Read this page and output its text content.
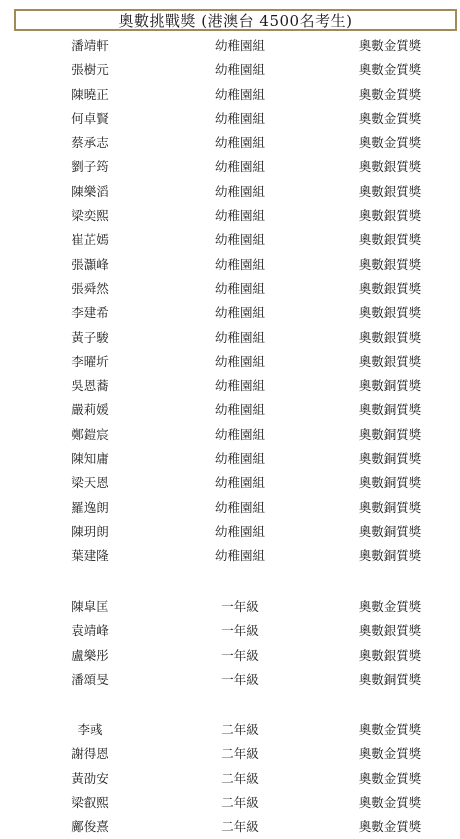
奧數挑戰獎 (港澳台 4500名考生)
潘靖軒	幼稚園組	奧數金質獎
張樹元	幼稚園組	奧數金質獎
陳曉正	幼稚園組	奧數金質獎
何卓賢	幼稚園組	奧數金質獎
蔡承志	幼稚園組	奧數金質獎
劉子筠	幼稚園組	奧數銀質獎
陳樂滔	幼稚園組	奧數銀質獎
梁奕熙	幼稚園組	奧數銀質獎
崔芷嫣	幼稚園組	奧數銀質獎
張灝峰	幼稚園組	奧數銀質獎
張舜然	幼稚園組	奧數銀質獎
李建希	幼稚園組	奧數銀質獎
黃子駿	幼稚園組	奧數銀質獎
李曜圻	幼稚園組	奧數銀質獎
吳恩蕎	幼稚園組	奧數銅質獎
嚴莉媛	幼稚園組	奧數銅質獎
鄭鎧宸	幼稚園組	奧數銅質獎
陳知庸	幼稚園組	奧數銅質獎
梁天恩	幼稚園組	奧數銅質獎
羅逸朗	幼稚園組	奧數銅質獎
陳玥朗	幼稚園組	奧數銅質獎
葉建隆	幼稚園組	奧數銅質獎
陳皐匡	一年級	奧數金質獎
袁靖峰	一年級	奧數銀質獎
盧樂彤	一年級	奧數銀質獎
潘頌旻	一年級	奧數銅質獎
李彧	二年級	奧數金質獎
謝得恩	二年級	奧數金質獎
黃劭安	二年級	奧數金質獎
梁叡熙	二年級	奧數金質獎
鄺俊熹	二年級	奧數金質獎
